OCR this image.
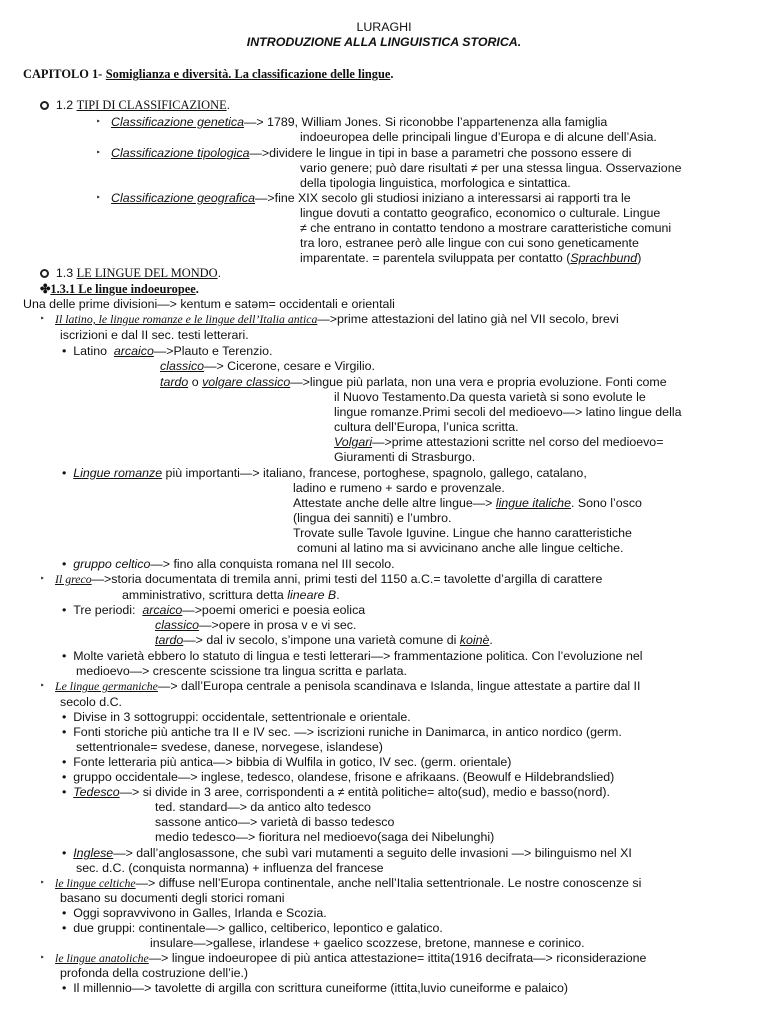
LURAGHI
INTRODUZIONE ALLA LINGUISTICA STORICA.
CAPITOLO 1- Somiglianza e diversità. La classificazione delle lingue.
1.2 TIPI DI CLASSIFICAZIONE.
‣ Classificazione genetica—> 1789, William Jones. Si riconobbe l’appartenenza alla famiglia
indoeuropea delle principali lingue d’Europa e di alcune dell’Asia.
‣ Classificazione tipologica—>dividere le lingue in tipi in base a parametri che possono essere di
vario genere; può dare risultati ≠ per una stessa lingua. Osservazione
della tipologia linguistica, morfologica e sintattica.
‣ Classificazione geografica—>fine XIX secolo gli studiosi iniziano a interessarsi ai rapporti tra le
lingue dovuti a contatto geografico, economico o culturale. Lingue
≠ che entrano in contatto tendono a mostrare caratteristiche comuni
tra loro, estranee però alle lingue con cui sono geneticamente
imparentate. = parentela sviluppata per contatto (Sprachbund)
1.3 LE LINGUE DEL MONDO.
✤1.3.1 Le lingue indoeuropee.
Una delle prime divisioni—> kentum e satəm= occidentali e orientali
‣ Il latino, le lingue romanze e le lingue dell’Italia antica—>prime attestazioni del latino già nel VII secolo, brevi
iscrizioni e dal II sec. testi letterari.
• Latino arcaico—>Plauto e Terenzio.
classico—> Cicerone, cesare e Virgilio.
tardo o volgare classico—>lingue più parlata, non una vera e propria evoluzione. Fonti come
il Nuovo Testamento.Da questa varietà si sono evolute le
lingue romanze.Primi secoli del medioevo—> latino lingue della
cultura dell’Europa, l’unica scritta.
Volgari—>prime attestazioni scritte nel corso del medioevo=
Giuramenti di Strasburgo.
• Lingue romanze più importanti—> italiano, francese, portoghese, spagnolo, gallego, catalano,
ladino e rumeno + sardo e provenzale.
Attestate anche delle altre lingue—> lingue italiche. Sono l’osco
(lingua dei sanniti) e l’umbro.
Trovate sulle Tavole Iguvine. Lingue che hanno caratteristiche
comuni al latino ma si avvicinano anche alle lingue celtiche.
• gruppo celtico—> fino alla conquista romana nel III secolo.
‣ Il greco—>storia documentata di tremila anni, primi testi del 1150 a.C.= tavolette d’argilla di carattere
amministrativo, scrittura detta lineare B.
• Tre periodi: arcaico—>poemi omerici e poesia eolica
classico—>opere in prosa v e vi sec.
tardo—> dal iv secolo, s’impone una varietà comune di koinè.
• Molte varietà ebbero lo statuto di lingua e testi letterari—> frammentazione politica. Con l’evoluzione nel
medioevo—> crescente scissione tra lingua scritta e parlata.
‣ Le lingue germaniche—> dall’Europa centrale a penisola scandinava e Islanda, lingue attestate a partire dal II
secolo d.C.
• Divise in 3 sottogruppi: occidentale, settentrionale e orientale.
• Fonti storiche più antiche tra II e IV sec. —> iscrizioni runiche in Danimarca, in antico nordico (germ.
settentrionale= svedese, danese, norvegese, islandese)
• Fonte letteraria più antica—> bibbia di Wulfila in gotico, IV sec. (germ. orientale)
• gruppo occidentale—> inglese, tedesco, olandese, frisone e afrikaans. (Beowulf e Hildebrandslied)
• Tedesco—> si divide in 3 aree, corrispondenti a ≠ entità politiche= alto(sud), medio e basso(nord).
ted. standard—> da antico alto tedesco
sassone antico—> varietà di basso tedesco
medio tedesco—> fioritura nel medioevo(saga dei Nibelunghi)
• Inglese—> dall’anglosassone, che subì vari mutamenti a seguito delle invasioni —> bilinguismo nel XI
sec. d.C. (conquista normanna) + influenza del francese
‣ le lingue celtiche—> diffuse nell’Europa continentale, anche nell’Italia settentrionale. Le nostre conoscenze si
basano su documenti degli storici romani
• Oggi sopravvivono in Galles, Irlanda e Scozia.
• due gruppi: continentale—> gallico, celtiberico, lepontico e galatico.
insulare—>gallese, irlandese + gaelico scozzese, bretone, mannese e corinico.
‣ le lingue anatoliche—> lingue indoeuropee di più antica attestazione= ittita(1916 decifrata—> riconsiderazione
profonda della costruzione dell’ie.)
• Il millennio—> tavolette di argilla con scrittura cuneiforme (ittita,luvio cuneiforme e palaico)
